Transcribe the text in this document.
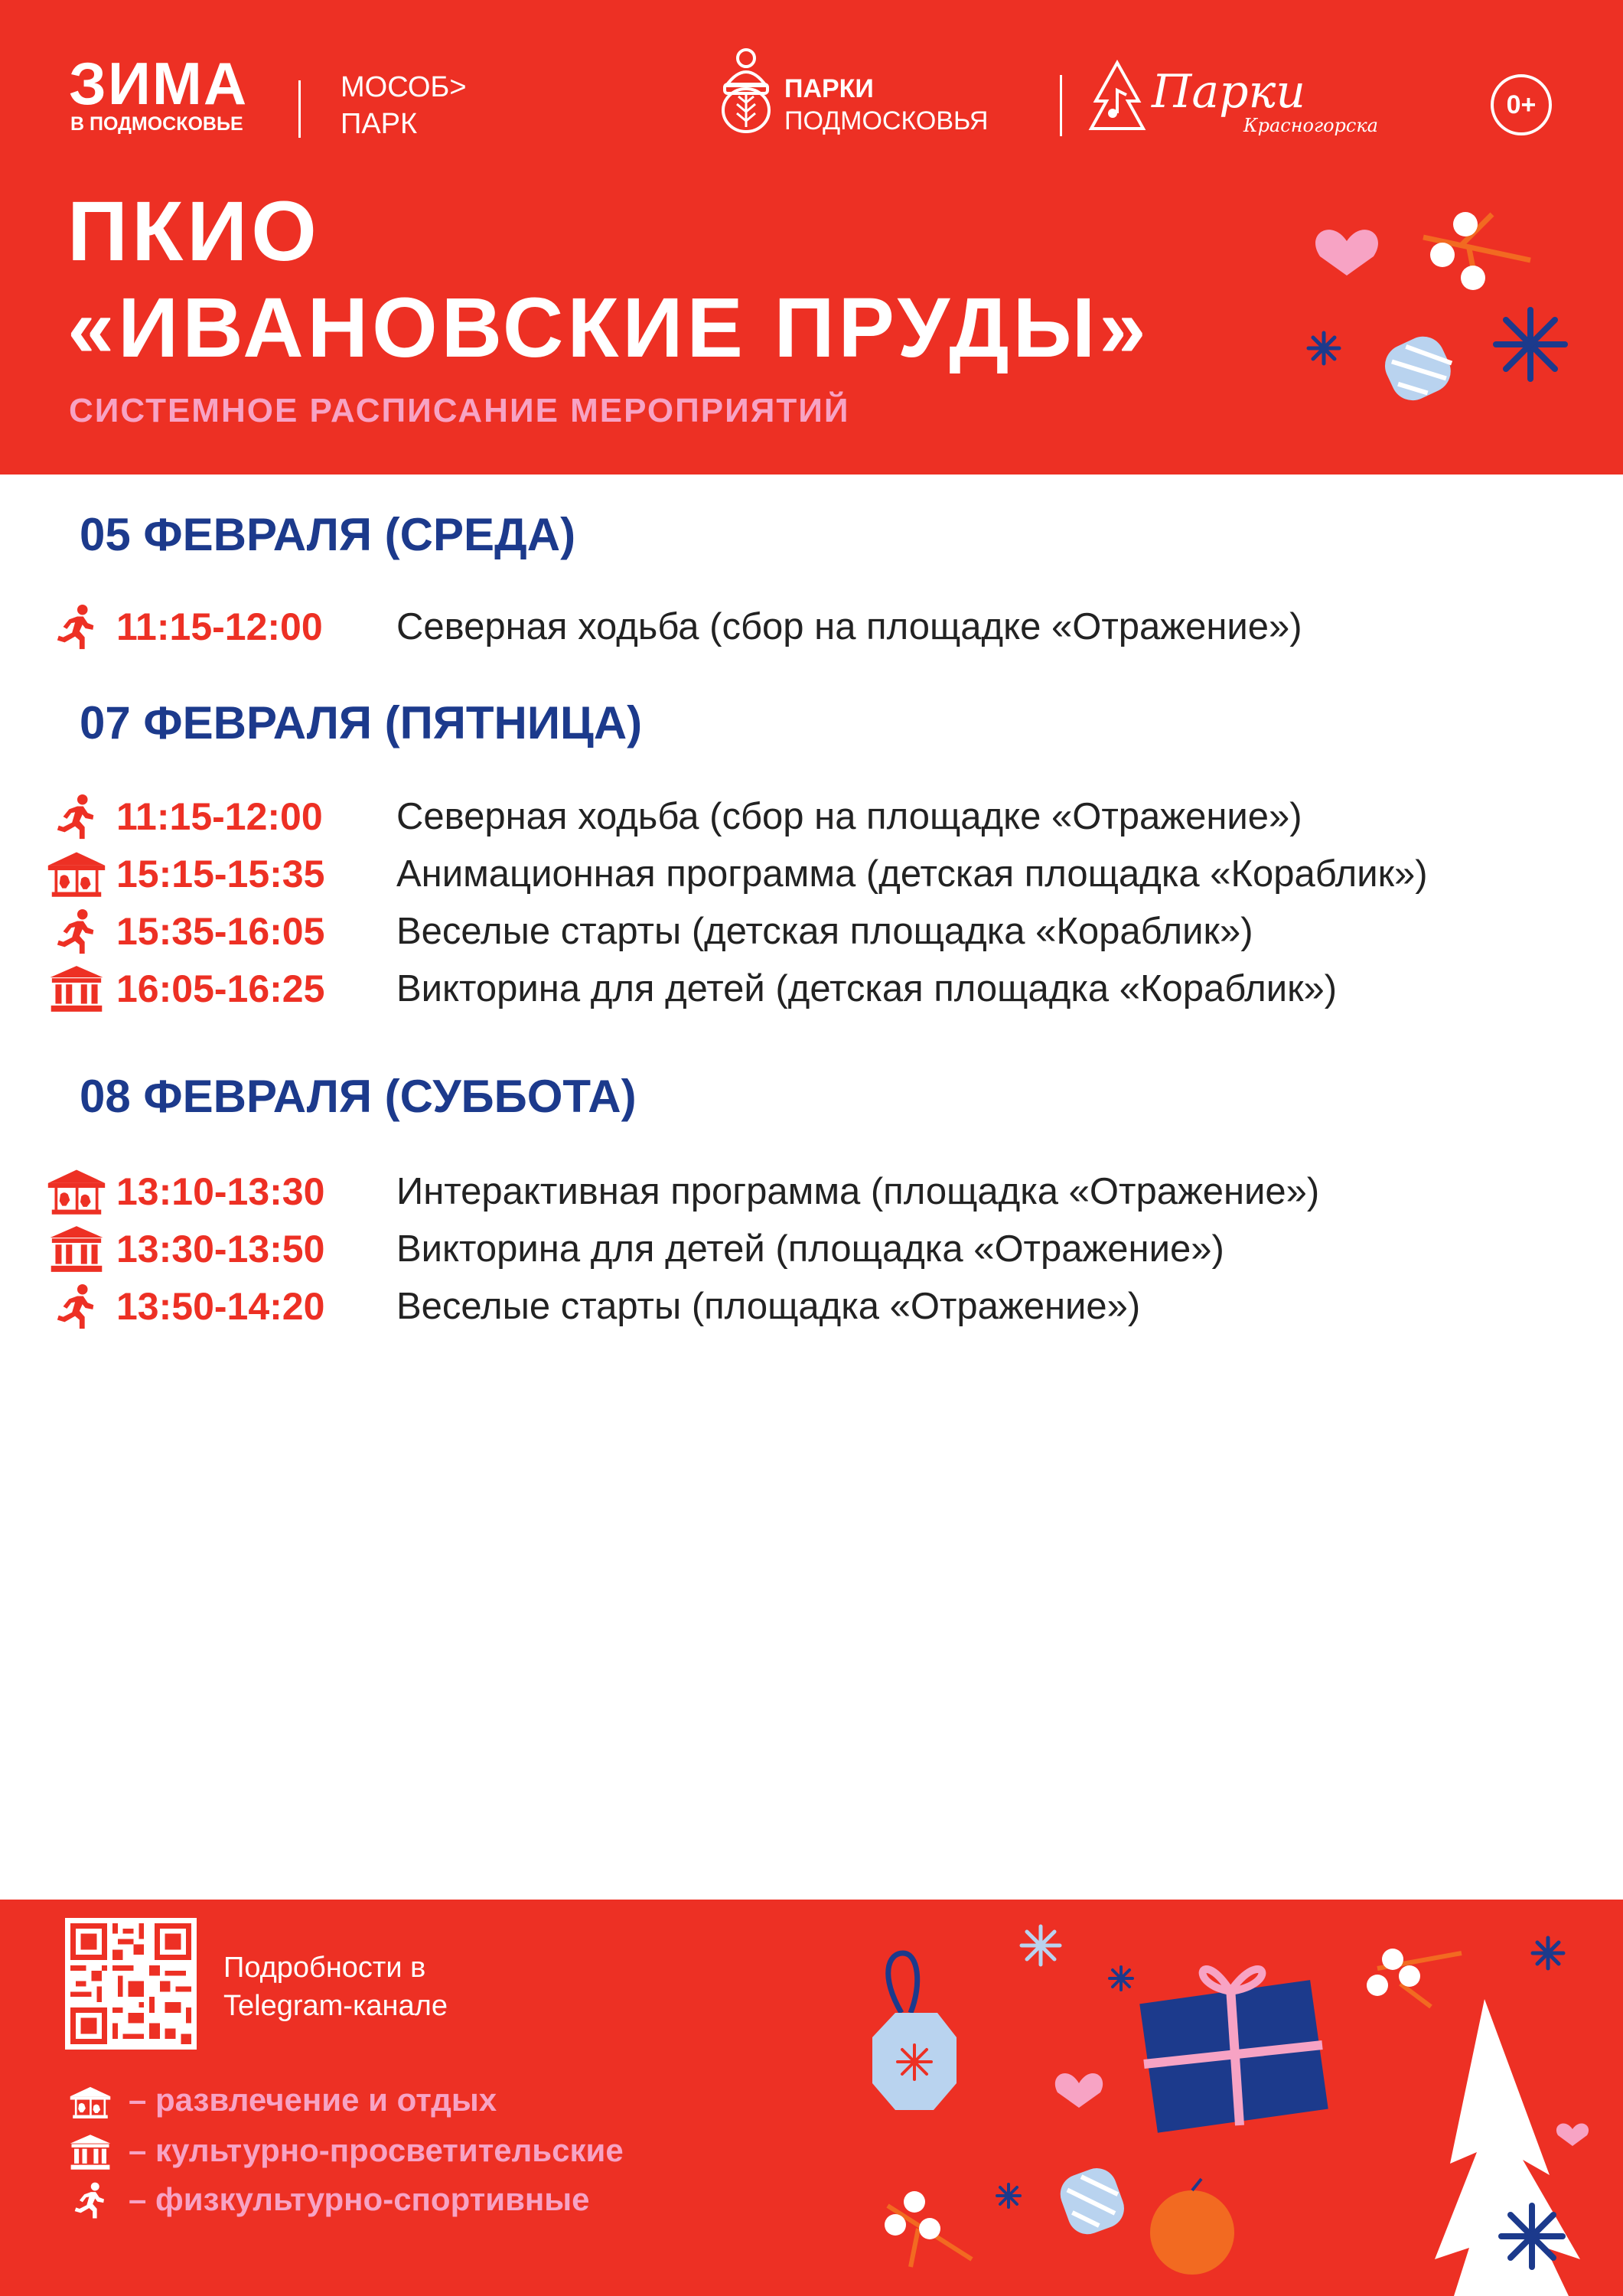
ЗИМА
В ПОДМОСКОВЬЕ
МОСОБ>
ПАРК
ПАРКИ
ПОДМОСКОВЬЯ
Парки
Красногорска
0+
ПКИО
«ИВАНОВСКИЕ ПРУДЫ»
СИСТЕМНОЕ РАСПИСАНИЕ МЕРОПРИЯТИЙ
05 ФЕВРАЛЯ (СРЕДА)
11:15-12:00 Северная ходьба (сбор на площадке «Отражение»)
07 ФЕВРАЛЯ (ПЯТНИЦА)
11:15-12:00 Северная ходьба (сбор на площадке «Отражение»)
15:15-15:35 Анимационная программа (детская площадка «Кораблик»)
15:35-16:05 Веселые старты (детская площадка «Кораблик»)
16:05-16:25 Викторина для детей (детская площадка «Кораблик»)
08 ФЕВРАЛЯ (СУББОТА)
13:10-13:30 Интерактивная программа (площадка «Отражение»)
13:30-13:50 Викторина для детей (площадка «Отражение»)
13:50-14:20 Веселые старты (площадка «Отражение»)
Подробности в
Telegram-канале
– развлечение и отдых
– культурно-просветительские
– физкультурно-спортивные
